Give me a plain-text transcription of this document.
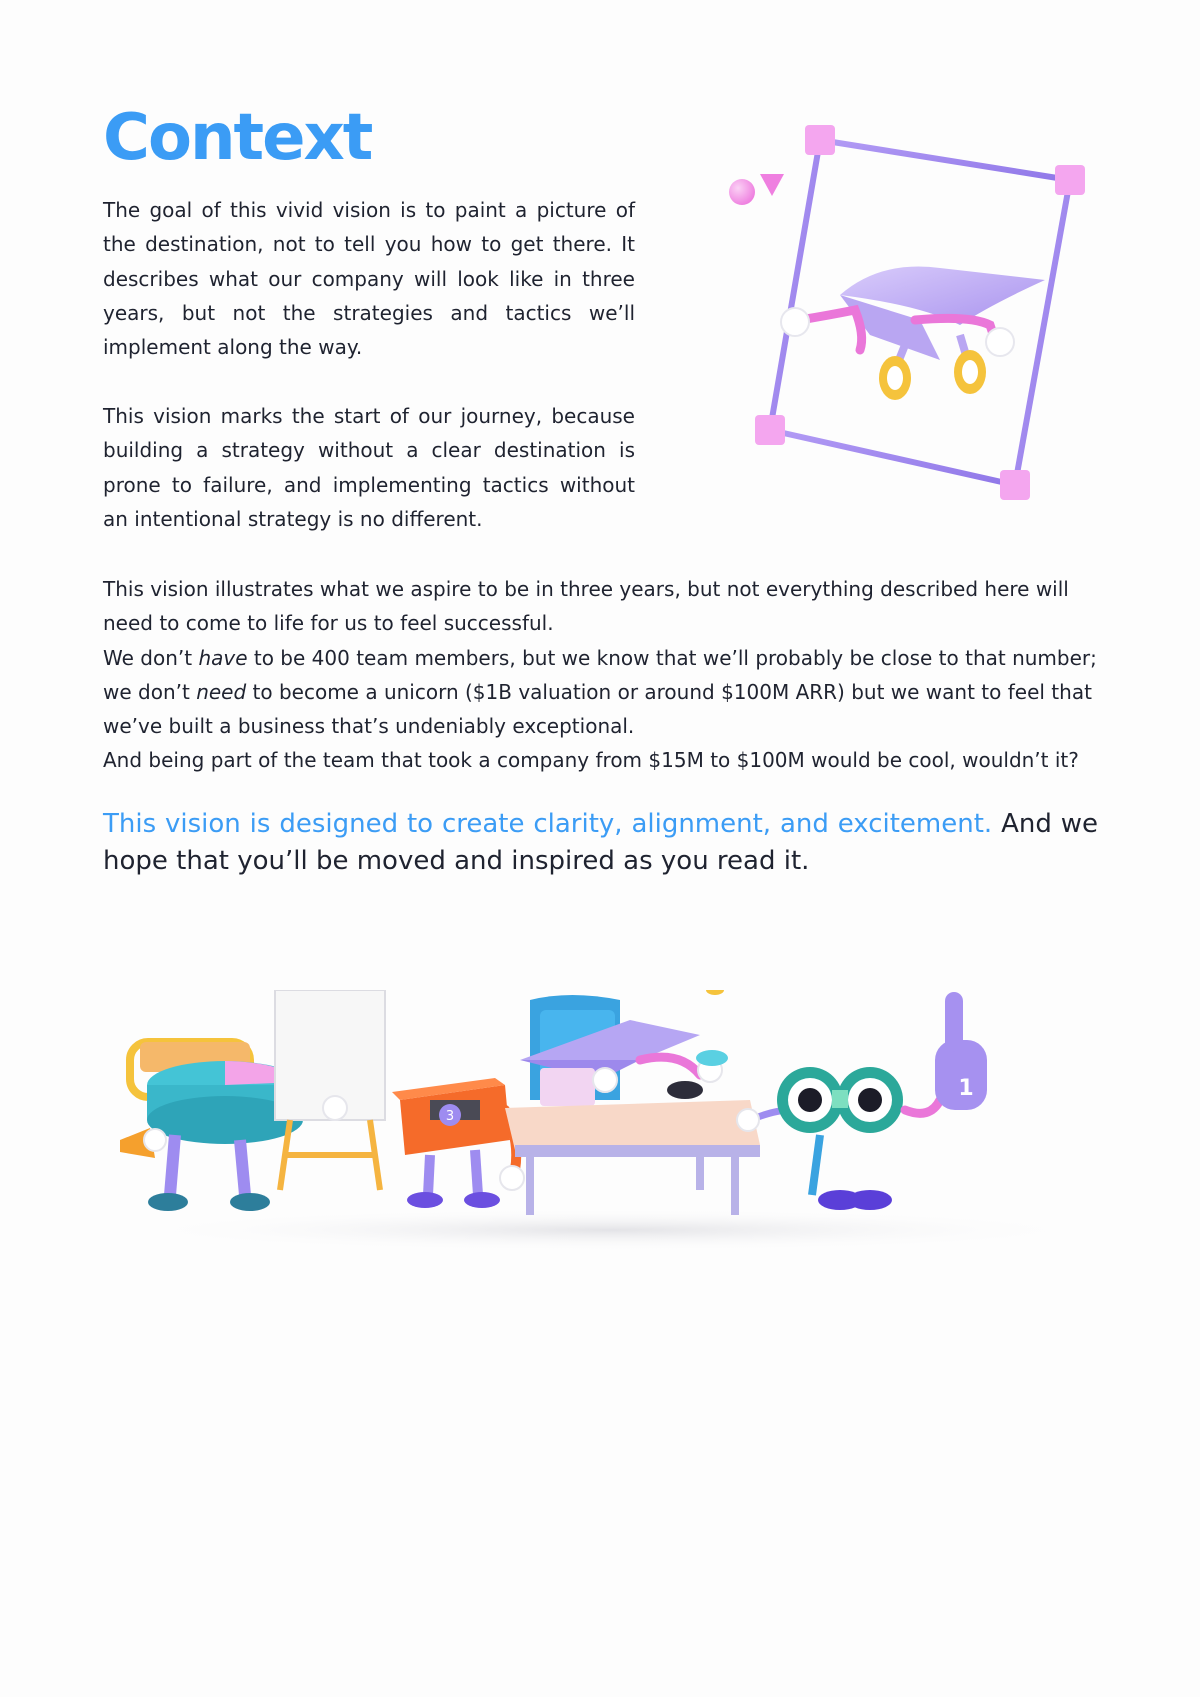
Context

The goal of this vivid vision is to paint a picture of the destination, not to tell you how to get there. It describes what our company will look like in three years, but not the strategies and tactics we’ll implement along the way.

This vision marks the start of our journey, because building a strategy without a clear destination is prone to failure, and implementing tactics without an intentional strategy is no different.

This vision illustrates what we aspire to be in three years, but not everything described here will need to come to life for us to feel successful.
We don’t have to be 400 team members, but we know that we’ll probably be close to that number; we don’t need to become a unicorn ($1B valuation or around $100M ARR) but we want to feel that we’ve built a business that’s undeniably exceptional.
And being part of the team that took a company from $15M to $100M would be cool, wouldn’t it?

This vision is designed to create clarity, alignment, and excitement. And we hope that you’ll be moved and inspired as you read it.

3
1
